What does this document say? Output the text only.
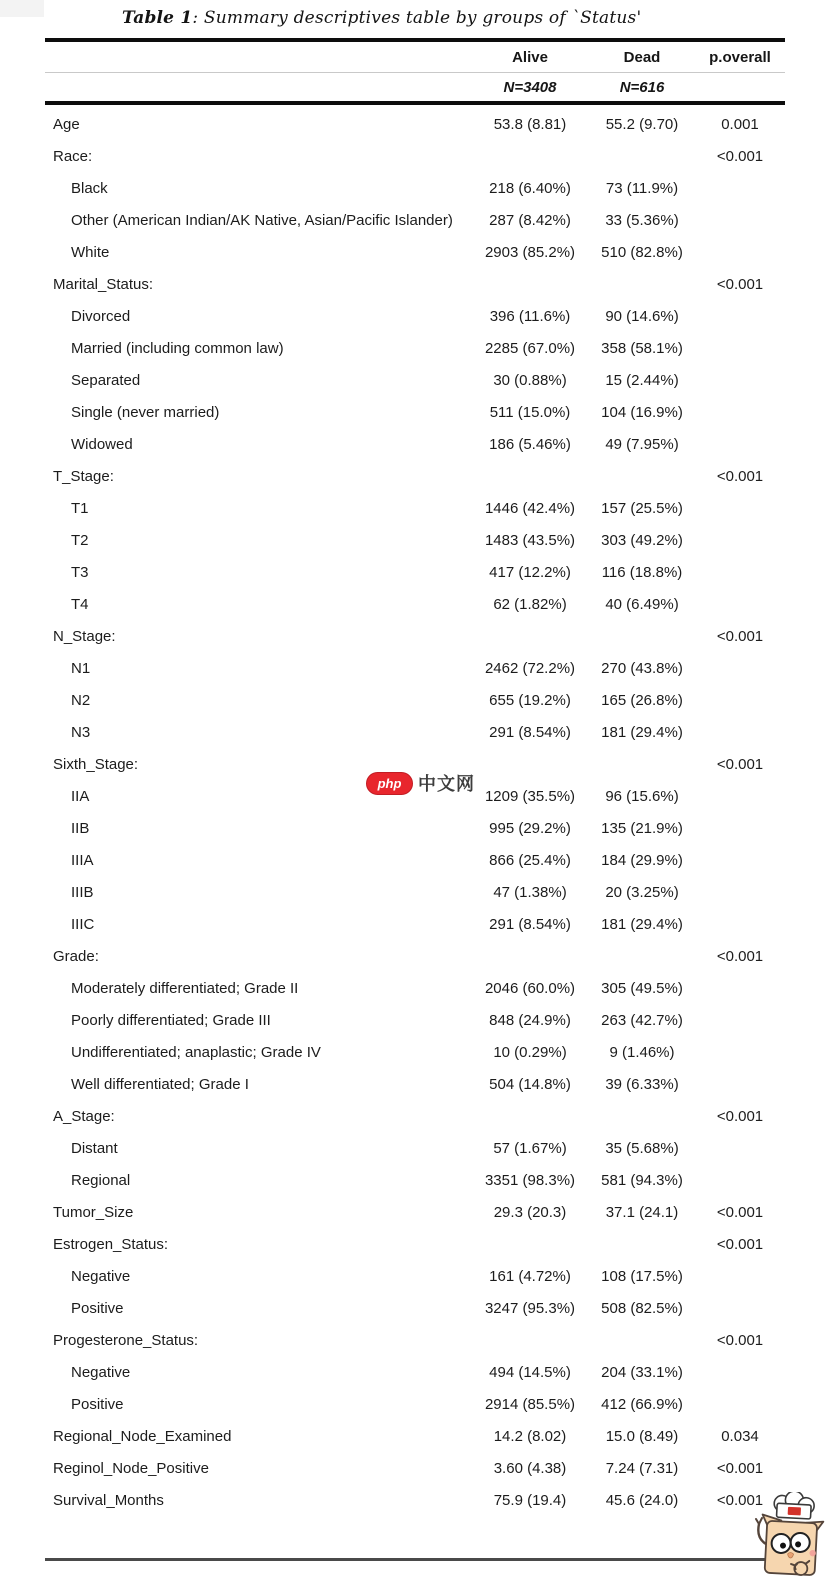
Table 1: Summary descriptives table by groups of `Status'
	Alive	Dead	p.overall
	N=3408	N=616	
Age	53.8 (8.81)	55.2 (9.70)	0.001
Race:			<0.001
Black	218 (6.40%)	73 (11.9%)	
Other (American Indian/AK Native, Asian/Pacific Islander)	287 (8.42%)	33 (5.36%)	
White	2903 (85.2%)	510 (82.8%)	
Marital_Status:			<0.001
Divorced	396 (11.6%)	90 (14.6%)	
Married (including common law)	2285 (67.0%)	358 (58.1%)	
Separated	30 (0.88%)	15 (2.44%)	
Single (never married)	511 (15.0%)	104 (16.9%)	
Widowed	186 (5.46%)	49 (7.95%)	
T_Stage:			<0.001
T1	1446 (42.4%)	157 (25.5%)	
T2	1483 (43.5%)	303 (49.2%)	
T3	417 (12.2%)	116 (18.8%)	
T4	62 (1.82%)	40 (6.49%)	
N_Stage:			<0.001
N1	2462 (72.2%)	270 (43.8%)	
N2	655 (19.2%)	165 (26.8%)	
N3	291 (8.54%)	181 (29.4%)	
Sixth_Stage:			<0.001
IIA	1209 (35.5%)	96 (15.6%)	
IIB	995 (29.2%)	135 (21.9%)	
IIIA	866 (25.4%)	184 (29.9%)	
IIIB	47 (1.38%)	20 (3.25%)	
IIIC	291 (8.54%)	181 (29.4%)	
Grade:			<0.001
Moderately differentiated; Grade II	2046 (60.0%)	305 (49.5%)	
Poorly differentiated; Grade III	848 (24.9%)	263 (42.7%)	
Undifferentiated; anaplastic; Grade IV	10 (0.29%)	9 (1.46%)	
Well differentiated; Grade I	504 (14.8%)	39 (6.33%)	
A_Stage:			<0.001
Distant	57 (1.67%)	35 (5.68%)	
Regional	3351 (98.3%)	581 (94.3%)	
Tumor_Size	29.3 (20.3)	37.1 (24.1)	<0.001
Estrogen_Status:			<0.001
Negative	161 (4.72%)	108 (17.5%)	
Positive	3247 (95.3%)	508 (82.5%)	
Progesterone_Status:			<0.001
Negative	494 (14.5%)	204 (33.1%)	
Positive	2914 (85.5%)	412 (66.9%)	
Regional_Node_Examined	14.2 (8.02)	15.0 (8.49)	0.034
Reginol_Node_Positive	3.60 (4.38)	7.24 (7.31)	<0.001
Survival_Months	75.9 (19.4)	45.6 (24.0)	<0.001
php 中文网
